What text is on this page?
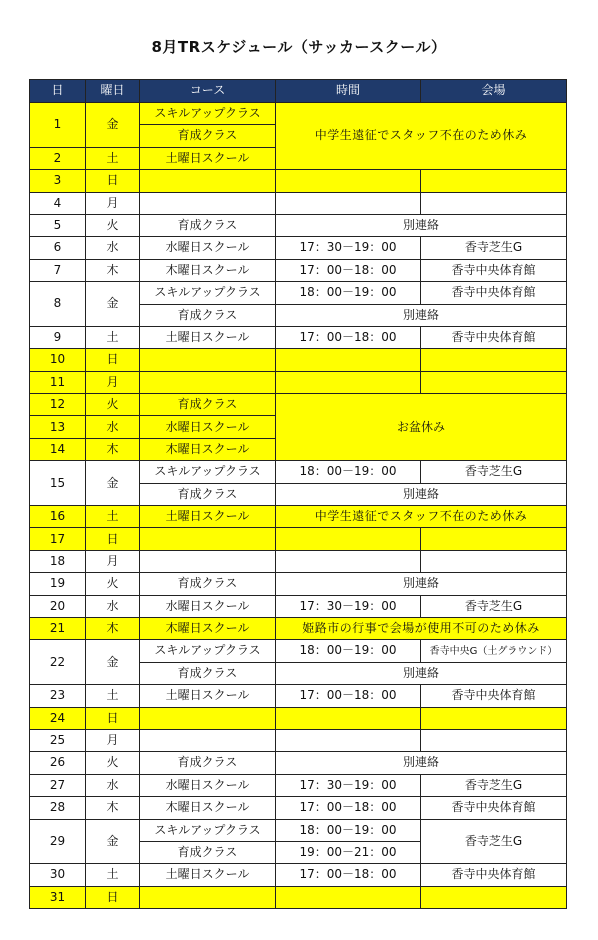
8月TRスケジュール（サッカースクール）
日	曜日	コース	時間	会場
1	金	スキルアップクラス	中学生遠征でスタッフ不在のため休み	
		育成クラス		
2	土	土曜日スクール		
3	日			
4	月			
5	火	育成クラス	別連絡	
6	水	水曜日スクール	17：30－19：00	香寺芝生G
7	木	木曜日スクール	17：00－18：00	香寺中央体育館
8	金	スキルアップクラス	18：00－19：00	香寺中央体育館
		育成クラス	別連絡	
9	土	土曜日スクール	17：00－18：00	香寺中央体育館
10	日			
11	月			
12	火	育成クラス	お盆休み	
13	水	水曜日スクール		
14	木	木曜日スクール		
15	金	スキルアップクラス	18：00－19：00	香寺芝生G
		育成クラス	別連絡	
16	土	土曜日スクール	中学生遠征でスタッフ不在のため休み	
17	日			
18	月			
19	火	育成クラス	別連絡	
20	水	水曜日スクール	17：30－19：00	香寺芝生G
21	木	木曜日スクール	姫路市の行事で会場が使用不可のため休み	
22	金	スキルアップクラス	18：00－19：00	香寺中央G（土グラウンド）
		育成クラス	別連絡	
23	土	土曜日スクール	17：00－18：00	香寺中央体育館
24	日			
25	月			
26	火	育成クラス	別連絡	
27	水	水曜日スクール	17：30－19：00	香寺芝生G
28	木	木曜日スクール	17：00－18：00	香寺中央体育館
29	金	スキルアップクラス	18：00－19：00	香寺芝生G
		育成クラス	19：00－21：00	
30	土	土曜日スクール	17：00－18：00	香寺中央体育館
31	日			
